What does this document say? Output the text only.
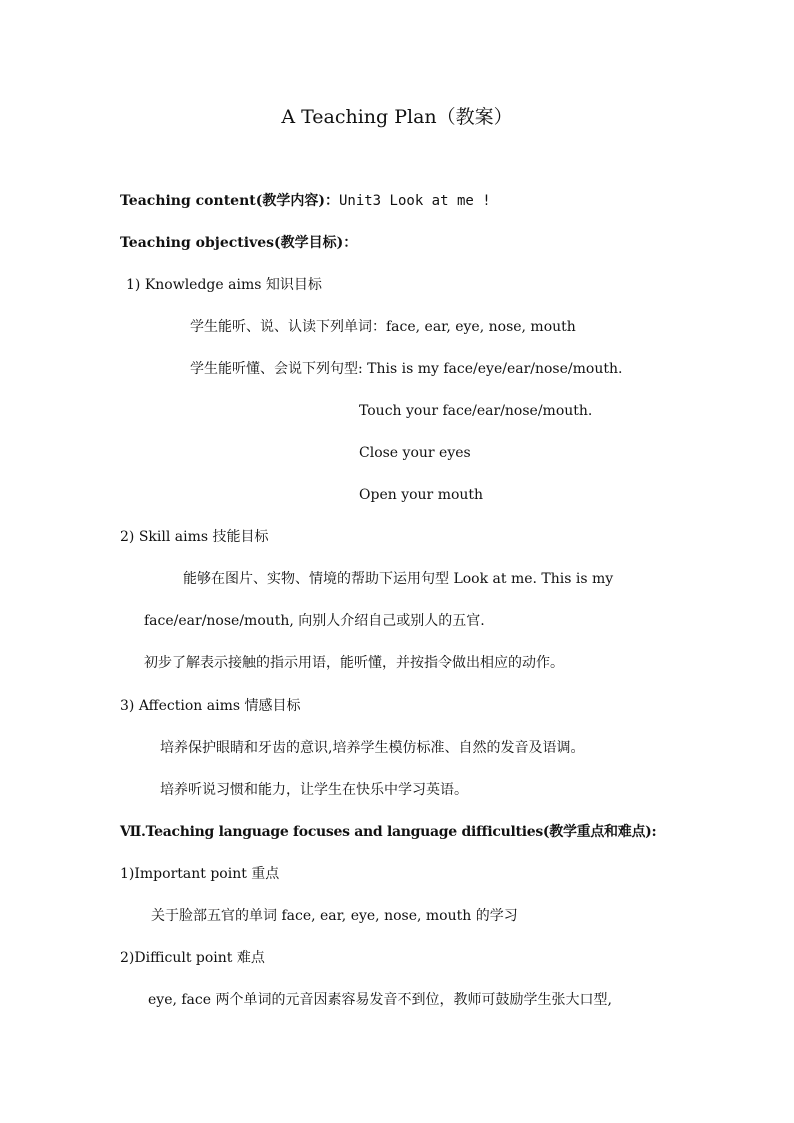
A Teaching Plan（教案）
Teaching content(教学内容)：Unit3 Look at me !
Teaching objectives(教学目标)：
1) Knowledge aims 知识目标
学生能听、说、认读下列单词：face, ear, eye, nose, mouth
学生能听懂、会说下列句型: This is my face/eye/ear/nose/mouth.
Touch your face/ear/nose/mouth.
Close your eyes
Open your mouth
2) Skill aims 技能目标
能够在图片、实物、情境的帮助下运用句型 Look at me. This is my
face/ear/nose/mouth, 向别人介绍自己或别人的五官.
初步了解表示接触的指示用语，能听懂，并按指令做出相应的动作。
3) Affection aims 情感目标
培养保护眼睛和牙齿的意识,培养学生模仿标准、自然的发音及语调。
培养听说习惯和能力，让学生在快乐中学习英语。
Ⅶ.Teaching language focuses and language difficulties(教学重点和难点):
1)Important point 重点
关于脸部五官的单词 face, ear, eye, nose, mouth 的学习
2)Difficult point 难点
eye, face 两个单词的元音因素容易发音不到位，教师可鼓励学生张大口型,
